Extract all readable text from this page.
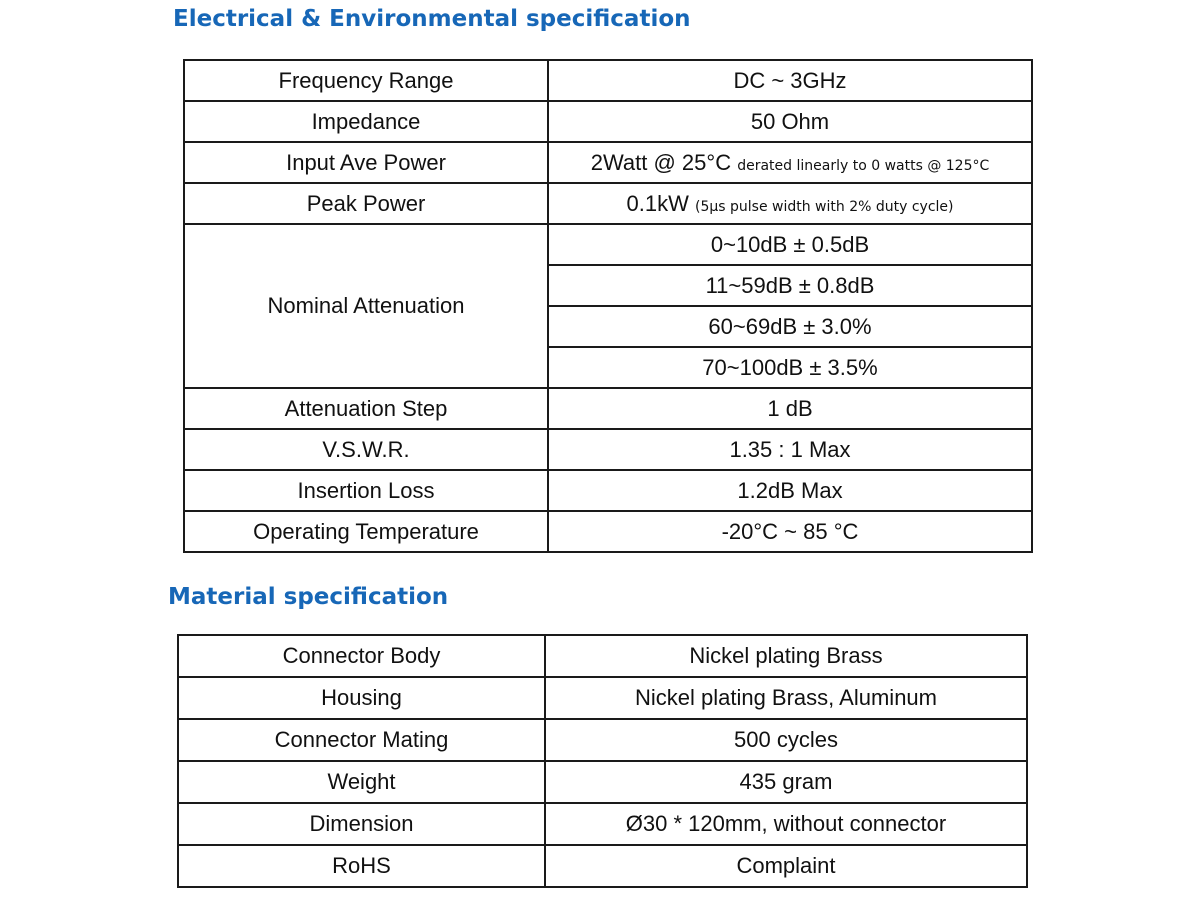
Electrical & Environmental specification
Frequency Range	DC ~ 3GHz
Impedance	50 Ohm
Input Ave Power	2Watt @ 25°C derated linearly to 0 watts @ 125°C
Peak Power	0.1kW (5µs pulse width with 2% duty cycle)
Nominal Attenuation	0~10dB ± 0.5dB
	11~59dB ± 0.8dB
	60~69dB ± 3.0%
	70~100dB ± 3.5%
Attenuation Step	1 dB
V.S.W.R.	1.35 : 1 Max
Insertion Loss	1.2dB Max
Operating Temperature	-20°C ~ 85 °C
Material specification
Connector Body	Nickel plating Brass
Housing	Nickel plating Brass, Aluminum
Connector Mating	500 cycles
Weight	435 gram
Dimension	Ø30 * 120mm, without connector
RoHS	Complaint
